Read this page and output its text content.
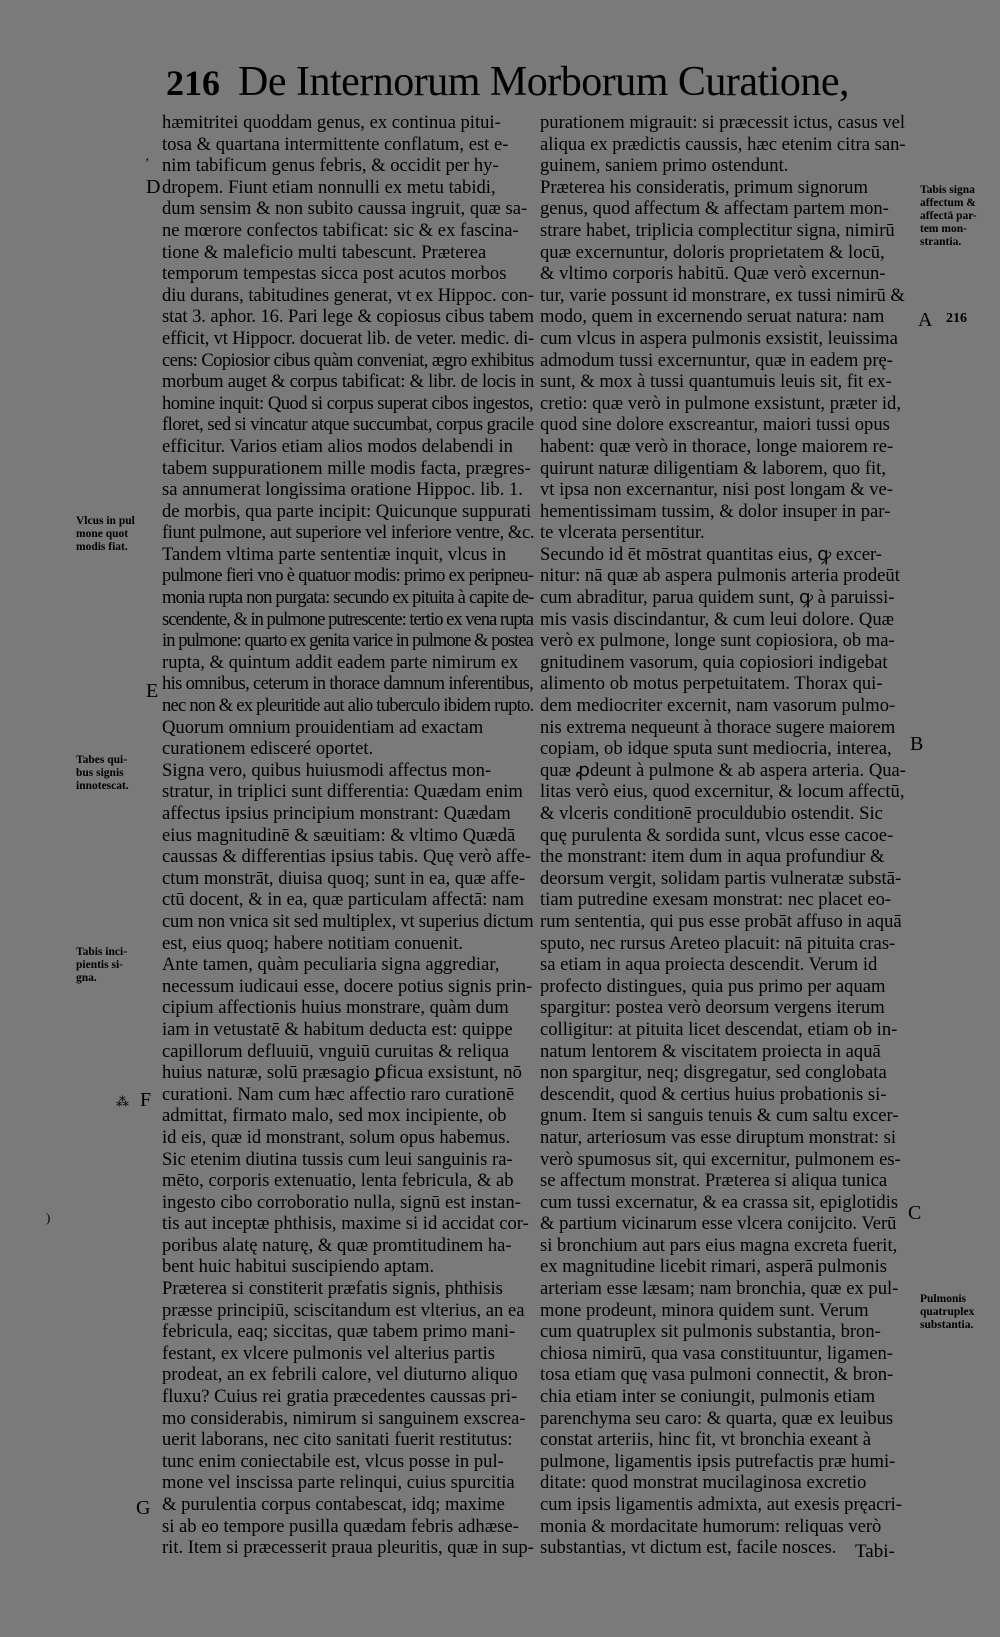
216 De Internorum Morborum Curatione,
hæmitritei quoddam genus, ex continua pitui-
tosa & quartana intermittente conflatum, est e-
nim tabificum genus febris, & occidit per hy-
dropem. Fiunt etiam nonnulli ex metu tabidi,
dum sensim & non subito caussa ingruit, quæ sa-
ne mœrore confectos tabificat: sic & ex fascina-
tione & maleficio multi tabescunt. Præterea
temporum tempestas sicca post acutos morbos
diu durans, tabitudines generat, vt ex Hippoc. con-
stat 3. aphor. 16. Pari lege & copiosus cibus tabem
efficit, vt Hippocr. docuerat lib. de veter. medic. di-
cens: Copiosior cibus quàm conveniat, ægro exhibitus
morbum auget & corpus tabificat: & libr. de locis in
homine inquit: Quod si corpus superat cibos ingestos,
floret, sed si vincatur atque succumbat, corpus gracile
efficitur. Varios etiam alios modos delabendi in
tabem suppurationem mille modis facta, prægres-
sa annumerat longissima oratione Hippoc. lib. 1.
de morbis, qua parte incipit: Quicunque suppurati
fiunt pulmone, aut superiore vel inferiore ventre, &c.
Tandem vltima parte sententiæ inquit, vlcus in
pulmone fieri vno è quatuor modis: primo ex peripneu-
monia rupta non purgata: secundo ex pituita à capite de-
scendente, & in pulmone putrescente: tertio ex vena rupta
in pulmone: quarto ex genita varice in pulmone & postea
rupta, & quintum addit eadem parte nimirum ex
his omnibus, ceterum in thorace damnum inferentibus,
nec non & ex pleuritide aut alio tuberculo ibidem rupto.
Quorum omnium prouidentiam ad exactam
curationem edisceré oportet.
Signa vero, quibus huiusmodi affectus mon-
stratur, in triplici sunt differentia: Quædam enim
affectus ipsius principium monstrant: Quædam
eius magnitudinē & sæuitiam: & vltimo Quædā
caussas & differentias ipsius tabis. Quę verò affe-
ctum monstrāt, diuisa quoq; sunt in ea, quæ affe-
ctū docent, & in ea, quæ particulam affectā: nam
cum non vnica sit sed multiplex, vt superius dictum
est, eius quoq; habere notitiam conuenit.
Ante tamen, quàm peculiaria signa aggrediar,
necessum iudicaui esse, docere potius signis prin-
cipium affectionis huius monstrare, quàm dum
iam in vetustatē & habitum deducta est: quippe
capillorum defluuiū, vnguiū curuitas & reliqua
huius naturæ, solū præsagio ꝑficua exsistunt, nō
curationi. Nam cum hæc affectio raro curationē
admittat, firmato malo, sed mox incipiente, ob
id eis, quæ id monstrant, solum opus habemus.
Sic etenim diutina tussis cum leui sanguinis ra-
mēto, corporis extenuatio, lenta febricula, & ab
ingesto cibo corroboratio nulla, signū est instan-
tis aut inceptæ phthisis, maxime si id accidat cor-
poribus alatę naturę, & quæ promtitudinem ha-
bent huic habitui suscipiendo aptam.
Præterea si constiterit præfatis signis, phthisis
præsse principiū, sciscitandum est vlterius, an ea
febricula, eaq; siccitas, quæ tabem primo mani-
festant, ex vlcere pulmonis vel alterius partis
prodeat, an ex febrili calore, vel diuturno aliquo
fluxu? Cuius rei gratia præcedentes caussas pri-
mo considerabis, nimirum si sanguinem exscrea-
uerit laborans, nec cito sanitati fuerit restitutus:
tunc enim coniectabile est, vlcus posse in pul-
mone vel inscissa parte relinqui, cuius spurcitia
& purulentia corpus contabescat, idq; maxime
si ab eo tempore pusilla quædam febris adhæse-
rit. Item si præcesserit praua pleuritis, quæ in sup-
purationem migrauit: si præcessit ictus, casus vel
aliqua ex prædictis caussis, hæc etenim citra san-
guinem, saniem primo ostendunt.
Præterea his consideratis, primum signorum
genus, quod affectum & affectam partem mon-
strare habet, triplicia complectitur signa, nimirū
quæ excernuntur, doloris proprietatem & locū,
& vltimo corporis habitū. Quæ verò excernun-
tur, varie possunt id monstrare, ex tussi nimirū &
modo, quem in excernendo seruat natura: nam
cum vlcus in aspera pulmonis exsistit, leuissima
admodum tussi excernuntur, quæ in eadem prę-
sunt, & mox à tussi quantumuis leuis sit, fit ex-
cretio: quæ verò in pulmone exsistunt, præter id,
quod sine dolore exscreantur, maiori tussi opus
habent: quæ verò in thorace, longe maiorem re-
quirunt naturæ diligentiam & laborem, quo fit,
vt ipsa non excernantur, nisi post longam & ve-
hementissimam tussim, & dolor insuper in par-
te vlcerata persentitur.
Secundo id ēt mōstrat quantitas eius, ꝙ excer-
nitur: nā quæ ab aspera pulmonis arteria prodeūt
cum abraditur, parua quidem sunt, ꝙ à paruissi-
mis vasis discindantur, & cum leui dolore. Quæ
verò ex pulmone, longe sunt copiosiora, ob ma-
gnitudinem vasorum, quia copiosiori indigebat
alimento ob motus perpetuitatem. Thorax qui-
dem mediocriter excernit, nam vasorum pulmo-
nis extrema nequeunt à thorace sugere maiorem
copiam, ob idque sputa sunt mediocria, interea,
quæ ꝓdeunt à pulmone & ab aspera arteria. Qua-
litas verò eius, quod excernitur, & locum affectū,
& vlceris conditionē proculdubio ostendit. Sic
quę purulenta & sordida sunt, vlcus esse cacoe-
the monstrant: item dum in aqua profundiur &
deorsum vergit, solidam partis vulneratæ substā-
tiam putredine exesam monstrat: nec placet eo-
rum sententia, qui pus esse probāt affuso in aquā
sputo, nec rursus Areteo placuit: nā pituita cras-
sa etiam in aqua proiecta descendit. Verum id
profecto distingues, quia pus primo per aquam
spargitur: postea verò deorsum vergens iterum
colligitur: at pituita licet descendat, etiam ob in-
natum lentorem & viscitatem proiecta in aquā
non spargitur, neq; disgregatur, sed conglobata
descendit, quod & certius huius probationis si-
gnum. Item si sanguis tenuis & cum saltu excer-
natur, arteriosum vas esse diruptum monstrat: si
verò spumosus sit, qui excernitur, pulmonem es-
se affectum monstrat. Præterea si aliqua tunica
cum tussi excernatur, & ea crassa sit, epiglotidis
& partium vicinarum esse vlcera conijcito. Verū
si bronchium aut pars eius magna excreta fuerit,
ex magnitudine licebit rimari, asperā pulmonis
arteriam esse læsam; nam bronchia, quæ ex pul-
mone prodeunt, minora quidem sunt. Verum
cum quatruplex sit pulmonis substantia, bron-
chiosa nimirū, qua vasa constituuntur, ligamen-
tosa etiam quę vasa pulmoni connectit, & bron-
chia etiam inter se coniungit, pulmonis etiam
parenchyma seu caro: & quarta, quæ ex leuibus
constat arteriis, hinc fit, vt bronchia exeant à
pulmone, ligamentis ipsis putrefactis præ humi-
ditate: quod monstrat mucilaginosa excretio
cum ipsis ligamentis admixta, aut exesis pręacri-
monia & mordacitate humorum: reliquas verò
substantias, vt dictum est, facile nosces.
Vlcus in pul
mone quot
modis fiat.
Tabes qui-
bus signis
innotescat.
Tabis inci-
pientis si-
gna.
Tabis signa
affectum &
affectā par-
tem mon-
strantia.
Pulmonis
quatruplex
substantia.
216
D
E
F
G
A
B
C
⁂
’
)
Tabi-
